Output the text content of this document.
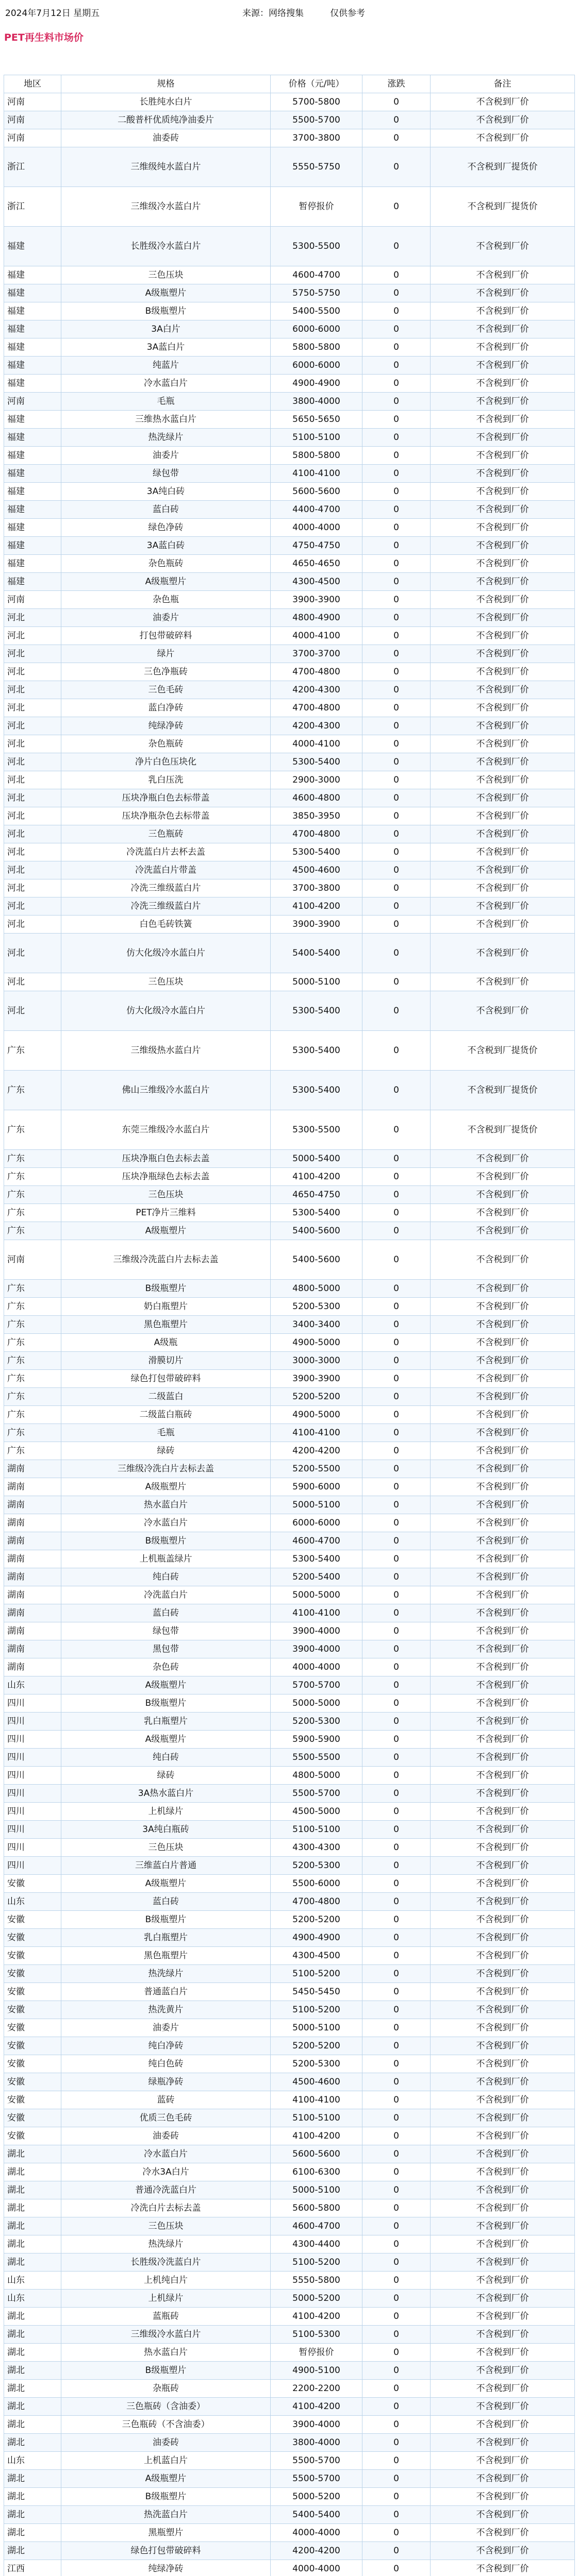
2024年7月12日 星期五	来源：网络搜集	仅供参考
PET再生料市场价
地区	规格	价格（元/吨）	涨跌	备注
河南	长胜纯水白片	5700-5800	0	不含税到厂价
河南	二酸普杆优质纯净油委片	5500-5700	0	不含税到厂价
河南	油委砖	3700-3800	0	不含税到厂价
浙江	三维级纯水蓝白片	5550-5750	0	不含税到厂提货价
浙江	三维级冷水蓝白片	暂停报价	0	不含税到厂提货价
福建	长胜级冷水蓝白片	5300-5500	0	不含税到厂价
福建	三色压块	4600-4700	0	不含税到厂价
福建	A级瓶塑片	5750-5750	0	不含税到厂价
福建	B级瓶塑片	5400-5500	0	不含税到厂价
福建	3A白片	6000-6000	0	不含税到厂价
福建	3A蓝白片	5800-5800	0	不含税到厂价
福建	纯蓝片	6000-6000	0	不含税到厂价
福建	冷水蓝白片	4900-4900	0	不含税到厂价
河南	毛瓶	3800-4000	0	不含税到厂价
福建	三维热水蓝白片	5650-5650	0	不含税到厂价
福建	热洗绿片	5100-5100	0	不含税到厂价
福建	油委片	5800-5800	0	不含税到厂价
福建	绿包带	4100-4100	0	不含税到厂价
福建	3A纯白砖	5600-5600	0	不含税到厂价
福建	蓝白砖	4400-4700	0	不含税到厂价
福建	绿色净砖	4000-4000	0	不含税到厂价
福建	3A蓝白砖	4750-4750	0	不含税到厂价
福建	杂色瓶砖	4650-4650	0	不含税到厂价
福建	A级瓶塑片	4300-4500	0	不含税到厂价
河南	杂色瓶	3900-3900	0	不含税到厂价
河北	油委片	4800-4900	0	不含税到厂价
河北	打包带破碎料	4000-4100	0	不含税到厂价
河北	绿片	3700-3700	0	不含税到厂价
河北	三色净瓶砖	4700-4800	0	不含税到厂价
河北	三色毛砖	4200-4300	0	不含税到厂价
河北	蓝白净砖	4700-4800	0	不含税到厂价
河北	纯绿净砖	4200-4300	0	不含税到厂价
河北	杂色瓶砖	4000-4100	0	不含税到厂价
河北	净片白色压块化	5300-5400	0	不含税到厂价
河北	乳白压洗	2900-3000	0	不含税到厂价
河北	压块净瓶白色去标带盖	4600-4800	0	不含税到厂价
河北	压块净瓶杂色去标带盖	3850-3950	0	不含税到厂价
河北	三色瓶砖	4700-4800	0	不含税到厂价
河北	冷洗蓝白片去杯去盖	5300-5400	0	不含税到厂价
河北	冷洗蓝白片带盖	4500-4600	0	不含税到厂价
河北	冷洗三维级蓝白片	3700-3800	0	不含税到厂价
河北	冷洗三维级蓝白片	4100-4200	0	不含税到厂价
河北	白色毛砖铁簧	3900-3900	0	不含税到厂价
河北	仿大化级冷水蓝白片	5400-5400	0	不含税到厂价
河北	三色压块	5000-5100	0	不含税到厂价
河北	仿大化级冷水蓝白片	5300-5400	0	不含税到厂价
广东	三维级热水蓝白片	5300-5400	0	不含税到厂提货价
广东	佛山三维级冷水蓝白片	5300-5400	0	不含税到厂提货价
广东	东莞三维级冷水蓝白片	5300-5500	0	不含税到厂提货价
广东	压块净瓶白色去标去盖	5000-5400	0	不含税到厂价
广东	压块净瓶绿色去标去盖	4100-4200	0	不含税到厂价
广东	三色压块	4650-4750	0	不含税到厂价
广东	PET净片三维料	5300-5400	0	不含税到厂价
广东	A级瓶塑片	5400-5600	0	不含税到厂价
河南	三维级冷洗蓝白片去标去盖	5400-5600	0	不含税到厂价
广东	B级瓶塑片	4800-5000	0	不含税到厂价
广东	奶白瓶塑片	5200-5300	0	不含税到厂价
广东	黑色瓶塑片	3400-3400	0	不含税到厂价
广东	A级瓶	4900-5000	0	不含税到厂价
广东	滑膜切片	3000-3000	0	不含税到厂价
广东	绿色打包带破碎料	3900-3900	0	不含税到厂价
广东	二级蓝白	5200-5200	0	不含税到厂价
广东	二级蓝白瓶砖	4900-5000	0	不含税到厂价
广东	毛瓶	4100-4100	0	不含税到厂价
广东	绿砖	4200-4200	0	不含税到厂价
湖南	三维级冷洗白片去标去盖	5200-5500	0	不含税到厂价
湖南	A级瓶塑片	5900-6000	0	不含税到厂价
湖南	热水蓝白片	5000-5100	0	不含税到厂价
湖南	冷水蓝白片	6000-6000	0	不含税到厂价
湖南	B级瓶塑片	4600-4700	0	不含税到厂价
湖南	上机瓶盖绿片	5300-5400	0	不含税到厂价
湖南	纯白砖	5200-5400	0	不含税到厂价
湖南	冷洗蓝白片	5000-5000	0	不含税到厂价
湖南	蓝白砖	4100-4100	0	不含税到厂价
湖南	绿包带	3900-4000	0	不含税到厂价
湖南	黑包带	3900-4000	0	不含税到厂价
湖南	杂色砖	4000-4000	0	不含税到厂价
山东	A级瓶塑片	5700-5700	0	不含税到厂价
四川	B级瓶塑片	5000-5000	0	不含税到厂价
四川	乳白瓶塑片	5200-5300	0	不含税到厂价
四川	A级瓶塑片	5900-5900	0	不含税到厂价
四川	纯白砖	5500-5500	0	不含税到厂价
四川	绿砖	4800-5000	0	不含税到厂价
四川	3A热水蓝白片	5500-5700	0	不含税到厂价
四川	上机绿片	4500-5000	0	不含税到厂价
四川	3A纯白瓶砖	5100-5100	0	不含税到厂价
四川	三色压块	4300-4300	0	不含税到厂价
四川	三维蓝白片普通	5200-5300	0	不含税到厂价
安徽	A级瓶塑片	5500-6000	0	不含税到厂价
山东	蓝白砖	4700-4800	0	不含税到厂价
安徽	B级瓶塑片	5200-5200	0	不含税到厂价
安徽	乳白瓶塑片	4900-4900	0	不含税到厂价
安徽	黑色瓶塑片	4300-4500	0	不含税到厂价
安徽	热洗绿片	5100-5200	0	不含税到厂价
安徽	普通蓝白片	5450-5450	0	不含税到厂价
安徽	热洗黄片	5100-5200	0	不含税到厂价
安徽	油委片	5000-5100	0	不含税到厂价
安徽	纯白净砖	5200-5200	0	不含税到厂价
安徽	纯白色砖	5200-5300	0	不含税到厂价
安徽	绿瓶净砖	4500-4600	0	不含税到厂价
安徽	蓝砖	4100-4100	0	不含税到厂价
安徽	优质三色毛砖	5100-5100	0	不含税到厂价
安徽	油委砖	4100-4200	0	不含税到厂价
湖北	冷水蓝白片	5600-5600	0	不含税到厂价
湖北	冷水3A白片	6100-6300	0	不含税到厂价
湖北	普通冷洗蓝白片	5000-5100	0	不含税到厂价
湖北	冷洗白片去标去盖	5600-5800	0	不含税到厂价
湖北	三色压块	4600-4700	0	不含税到厂价
湖北	热洗绿片	4300-4400	0	不含税到厂价
湖北	长胜级冷洗蓝白片	5100-5200	0	不含税到厂价
山东	上机纯白片	5550-5800	0	不含税到厂价
山东	上机绿片	5000-5200	0	不含税到厂价
湖北	蓝瓶砖	4100-4200	0	不含税到厂价
湖北	三维级冷水蓝白片	5100-5300	0	不含税到厂价
湖北	热水蓝白片	暂停报价	0	不含税到厂价
湖北	B级瓶塑片	4900-5100	0	不含税到厂价
湖北	杂瓶砖	2200-2200	0	不含税到厂价
湖北	三色瓶砖（含油委）	4100-4200	0	不含税到厂价
湖北	三色瓶砖（不含油委）	3900-4000	0	不含税到厂价
湖北	油委砖	3800-4000	0	不含税到厂价
山东	上机蓝白片	5500-5700	0	不含税到厂价
湖北	A级瓶塑片	5500-5700	0	不含税到厂价
湖北	B级瓶塑片	5000-5200	0	不含税到厂价
湖北	热洗蓝白片	5400-5400	0	不含税到厂价
湖北	黑瓶塑片	4000-4000	0	不含税到厂价
湖北	绿色打包带破碎料	4200-4200	0	不含税到厂价
江西	纯绿净砖	4000-4000	0	不含税到厂价
